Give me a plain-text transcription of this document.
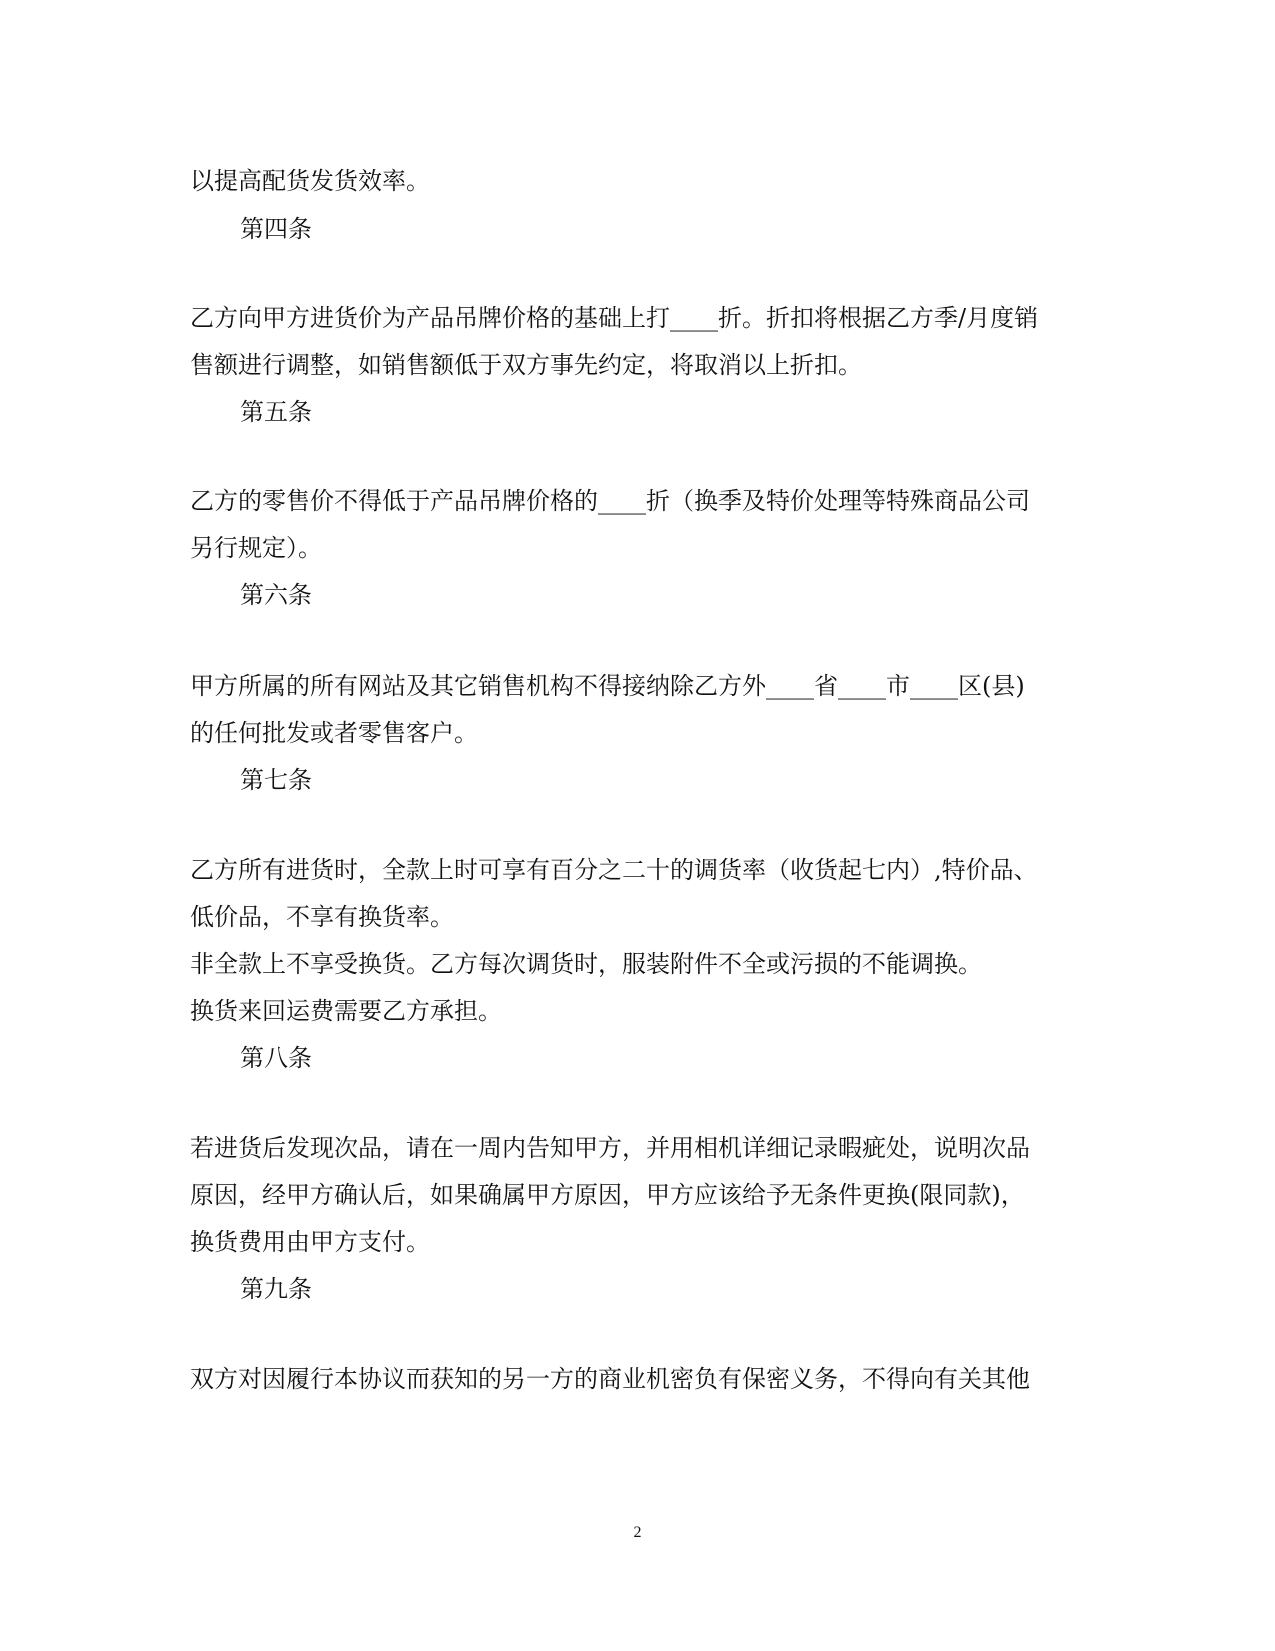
以提高配货发货效率。

第四条

乙方向甲方进货价为产品吊牌价格的基础上打____折。折扣将根据乙方季/月度销

售额进行调整，如销售额低于双方事先约定，将取消以上折扣。

第五条

乙方的零售价不得低于产品吊牌价格的____折（换季及特价处理等特殊商品公司

另行规定）。

第六条

甲方所属的所有网站及其它销售机构不得接纳除乙方外____省____市____区(县)

的任何批发或者零售客户。

第七条

乙方所有进货时，全款上时可享有百分之二十的调货率（收货起七内）,特价品、

低价品，不享有换货率。

非全款上不享受换货。乙方每次调货时，服装附件不全或污损的不能调换。

换货来回运费需要乙方承担。

第八条

若进货后发现次品，请在一周内告知甲方，并用相机详细记录暇疵处，说明次品

原因，经甲方确认后，如果确属甲方原因，甲方应该给予无条件更换(限同款)，

换货费用由甲方支付。

第九条

双方对因履行本协议而获知的另一方的商业机密负有保密义务，不得向有关其他

2
